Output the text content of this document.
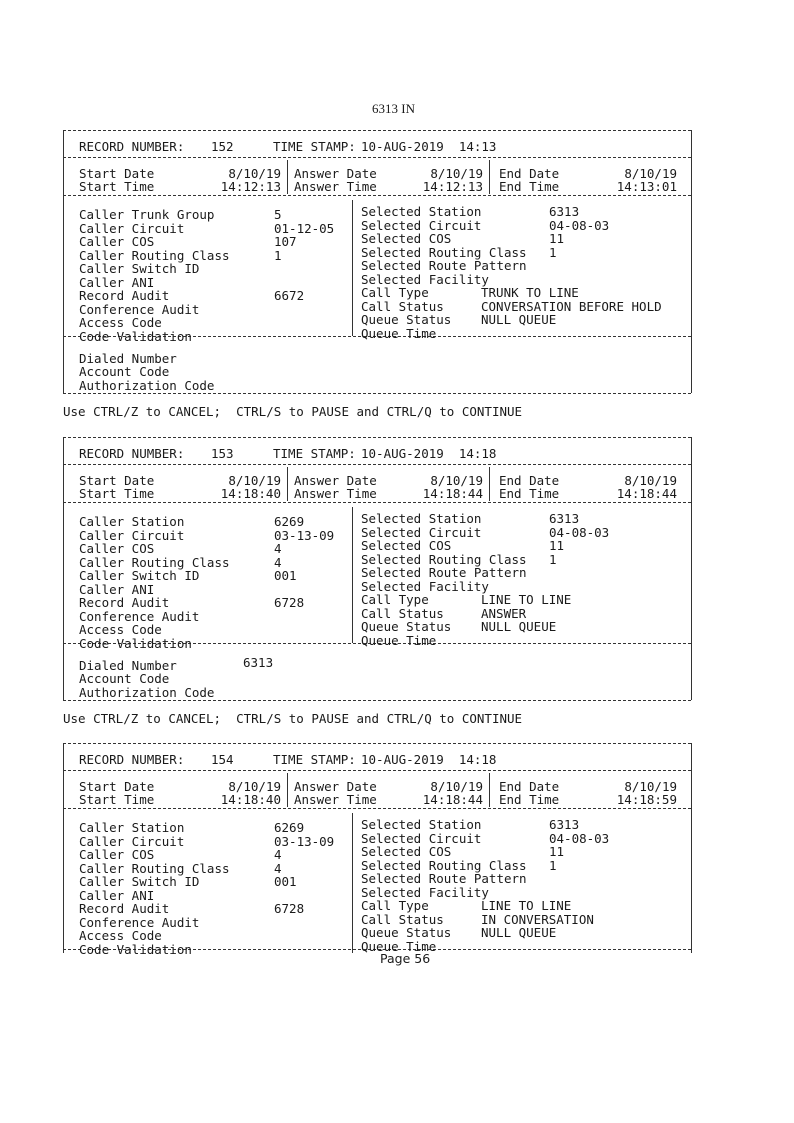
6313 IN
RECORD NUMBER: 152	TIME STAMP: 10-AUG-2019  14:13
Start Date	8/10/19
Start Time	14:12:13
Answer Date	8/10/19
Answer Time	14:12:13
End Date	8/10/19
End Time	14:13:01
Caller Trunk Group	5
Caller Circuit	01-12-05
Caller COS	107
Caller Routing Class	1
Caller Switch ID
Caller ANI
Record Audit	6672
Conference Audit
Access Code
Code Validation
Selected Station	6313
Selected Circuit	04-08-03
Selected COS	11
Selected Routing Class 1
Selected Route Pattern
Selected Facility
Call Type	TRUNK TO LINE
Call Status	CONVERSATION BEFORE HOLD
Queue Status NULL QUEUE
Queue Time
Dialed Number
Account Code
Authorization Code
RECORD NUMBER: 153	TIME STAMP: 10-AUG-2019  14:18
Start Date	8/10/19
Start Time	14:18:40
Answer Date	8/10/19
Answer Time	14:18:44
End Date	8/10/19
End Time	14:18:44
Caller Station	6269
Caller Circuit	03-13-09
Caller COS	4
Caller Routing Class	4
Caller Switch ID	001
Caller ANI
Record Audit	6728
Conference Audit
Access Code
Code Validation
Selected Station	6313
Selected Circuit	04-08-03
Selected COS	11
Selected Routing Class 1
Selected Route Pattern
Selected Facility
Call Type	LINE TO LINE
Call Status	ANSWER
Queue Status NULL QUEUE
Queue Time
Dialed Number	6313
Account Code
Authorization Code
RECORD NUMBER: 154	TIME STAMP: 10-AUG-2019  14:18
Start Date	8/10/19
Start Time	14:18:40
Answer Date	8/10/19
Answer Time	14:18:44
End Date	8/10/19
End Time	14:18:59
Caller Station	6269
Caller Circuit	03-13-09
Caller COS	4
Caller Routing Class	4
Caller Switch ID	001
Caller ANI
Record Audit	6728
Conference Audit
Access Code
Code Validation
Selected Station	6313
Selected Circuit	04-08-03
Selected COS	11
Selected Routing Class 1
Selected Route Pattern
Selected Facility
Call Type	LINE TO LINE
Call Status	IN CONVERSATION
Queue Status NULL QUEUE
Queue Time
Use CTRL/Z to CANCEL;  CTRL/S to PAUSE and CTRL/Q to CONTINUE
Use CTRL/Z to CANCEL;  CTRL/S to PAUSE and CTRL/Q to CONTINUE
Page 56
